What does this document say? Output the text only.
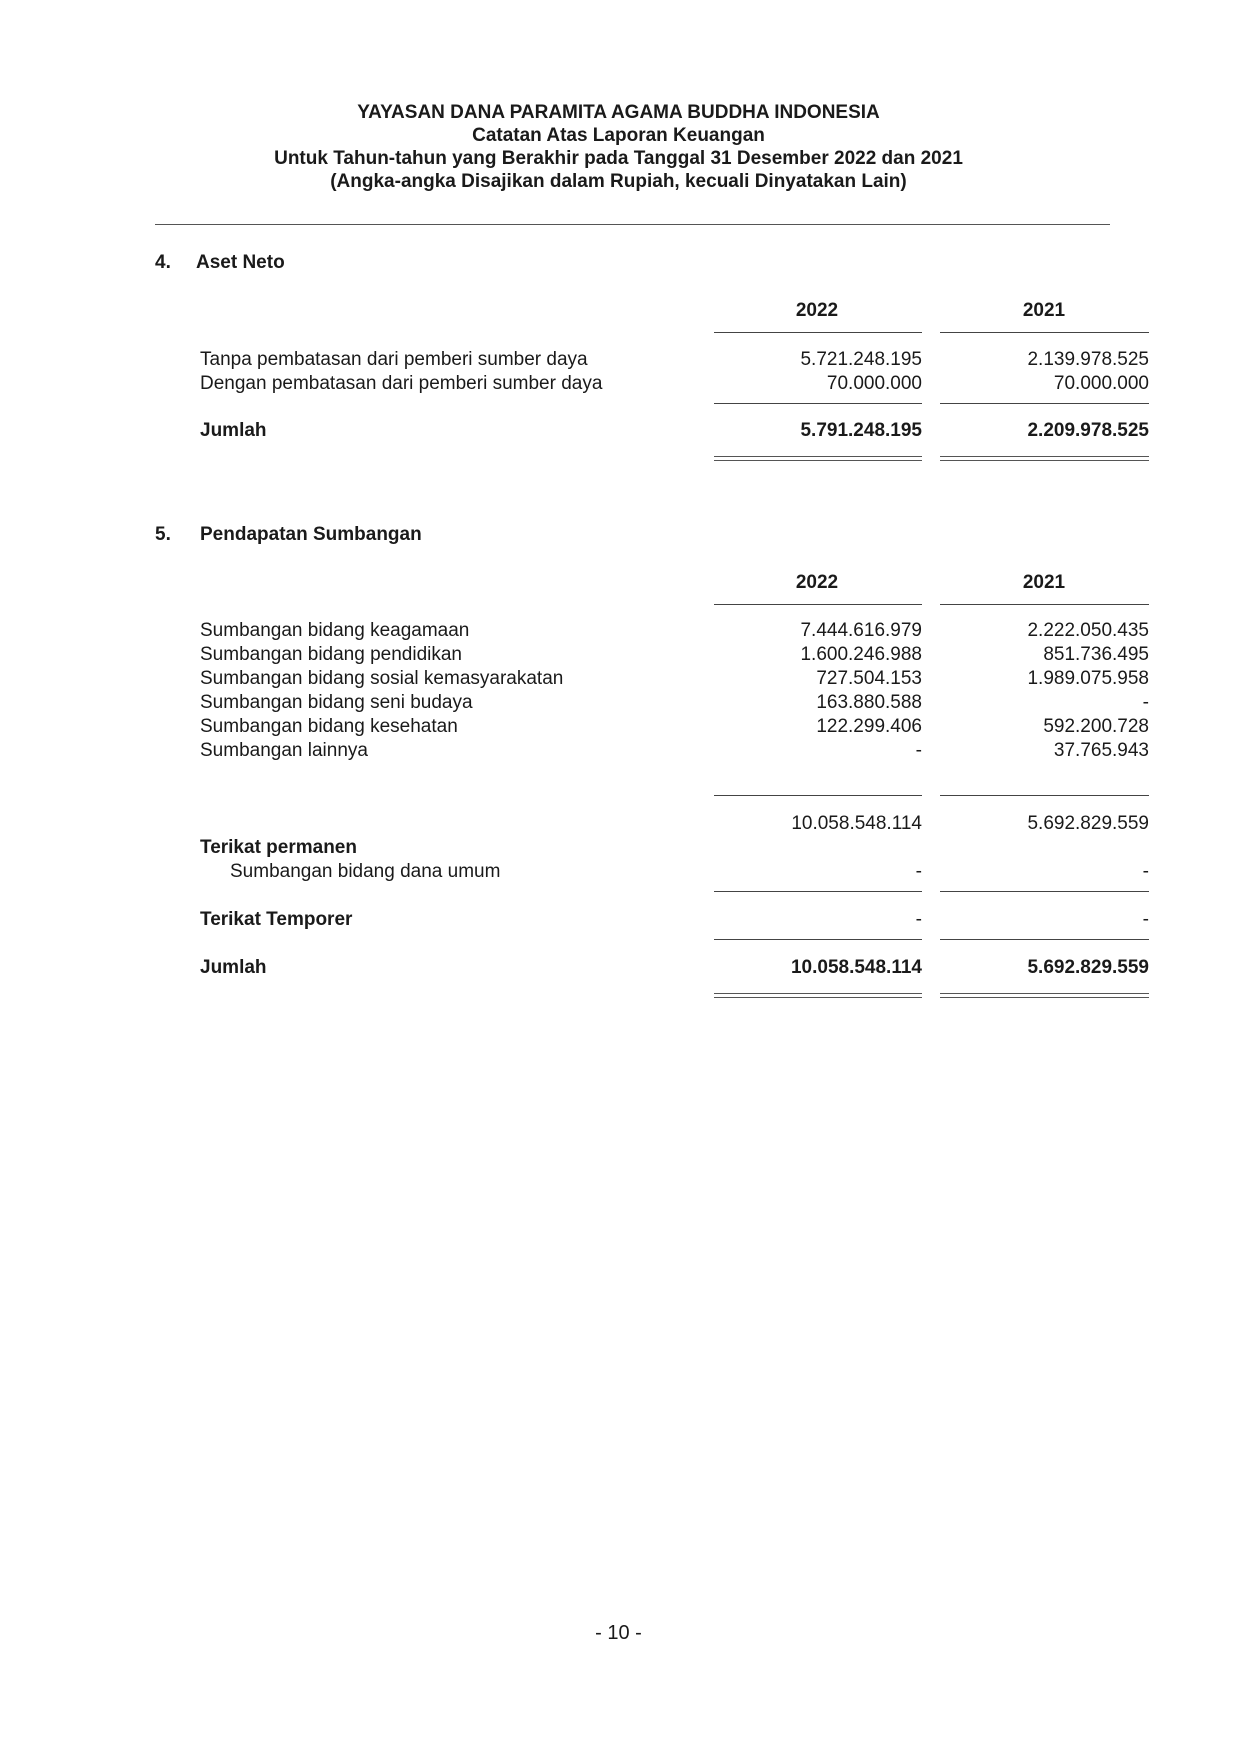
YAYASAN DANA PARAMITA AGAMA BUDDHA INDONESIA
Catatan Atas Laporan Keuangan
Untuk Tahun-tahun yang Berakhir pada Tanggal 31 Desember 2022 dan 2021
(Angka-angka Disajikan dalam Rupiah, kecuali Dinyatakan Lain)
4. Aset Neto
2022	2021
Tanpa pembatasan dari pemberi sumber daya	5.721.248.195	2.139.978.525
Dengan pembatasan dari pemberi sumber daya	70.000.000	70.000.000
Jumlah	5.791.248.195	2.209.978.525
5. Pendapatan Sumbangan
2022	2021
Sumbangan bidang keagamaan	7.444.616.979	2.222.050.435
Sumbangan bidang pendidikan	1.600.246.988	851.736.495
Sumbangan bidang sosial kemasyarakatan	727.504.153	1.989.075.958
Sumbangan bidang seni budaya	163.880.588	-
Sumbangan bidang kesehatan	122.299.406	592.200.728
Sumbangan lainnya	-	37.765.943
10.058.548.114	5.692.829.559
Terikat permanen
Sumbangan bidang dana umum	-	-
Terikat Temporer	-	-
Jumlah	10.058.548.114	5.692.829.559
- 10 -
